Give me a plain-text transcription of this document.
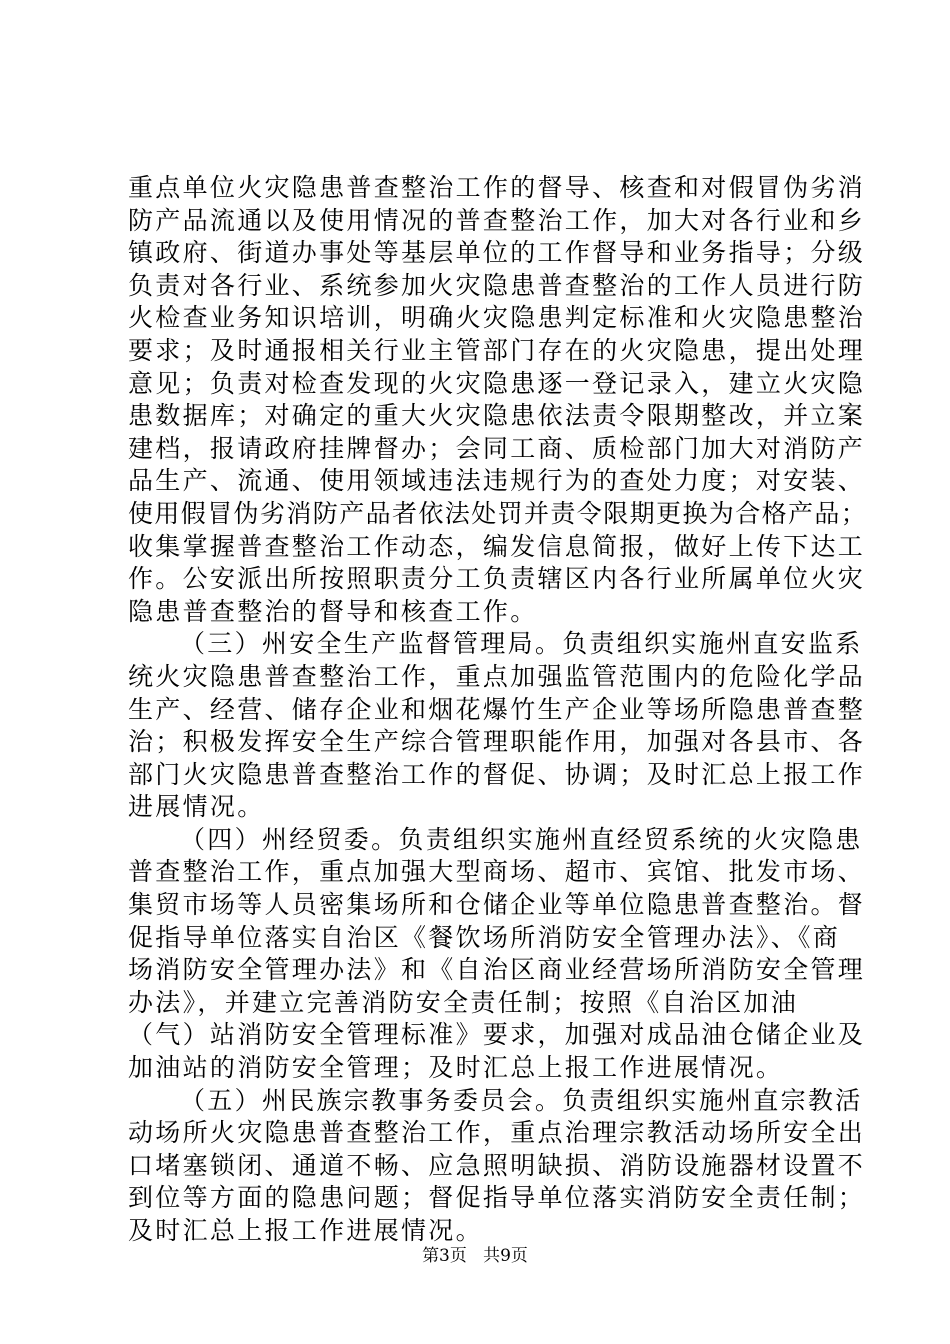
重点单位火灾隐患普查整治工作的督导、核查和对假冒伪劣消
防产品流通以及使用情况的普查整治工作，加大对各行业和乡
镇政府、街道办事处等基层单位的工作督导和业务指导；分级
负责对各行业、系统参加火灾隐患普查整治的工作人员进行防
火检查业务知识培训，明确火灾隐患判定标准和火灾隐患整治
要求；及时通报相关行业主管部门存在的火灾隐患，提出处理
意见；负责对检查发现的火灾隐患逐一登记录入，建立火灾隐
患数据库；对确定的重大火灾隐患依法责令限期整改，并立案
建档，报请政府挂牌督办；会同工商、质检部门加大对消防产
品生产、流通、使用领域违法违规行为的查处力度；对安装、
使用假冒伪劣消防产品者依法处罚并责令限期更换为合格产品；
收集掌握普查整治工作动态，编发信息简报，做好上传下达工
作。公安派出所按照职责分工负责辖区内各行业所属单位火灾
隐患普查整治的督导和核查工作。
（三）州安全生产监督管理局。负责组织实施州直安监系
统火灾隐患普查整治工作，重点加强监管范围内的危险化学品
生产、经营、储存企业和烟花爆竹生产企业等场所隐患普查整
治；积极发挥安全生产综合管理职能作用，加强对各县市、各
部门火灾隐患普查整治工作的督促、协调；及时汇总上报工作
进展情况。
（四）州经贸委。负责组织实施州直经贸系统的火灾隐患
普查整治工作，重点加强大型商场、超市、宾馆、批发市场、
集贸市场等人员密集场所和仓储企业等单位隐患普查整治。督
促指导单位落实自治区《餐饮场所消防安全管理办法》、《商
场消防安全管理办法》和《自治区商业经营场所消防安全管理
办法》，并建立完善消防安全责任制；按照《自治区加油
（气）站消防安全管理标准》要求，加强对成品油仓储企业及
加油站的消防安全管理；及时汇总上报工作进展情况。
（五）州民族宗教事务委员会。负责组织实施州直宗教活
动场所火灾隐患普查整治工作，重点治理宗教活动场所安全出
口堵塞锁闭、通道不畅、应急照明缺损、消防设施器材设置不
到位等方面的隐患问题；督促指导单位落实消防安全责任制；
及时汇总上报工作进展情况。
第3页 共9页
